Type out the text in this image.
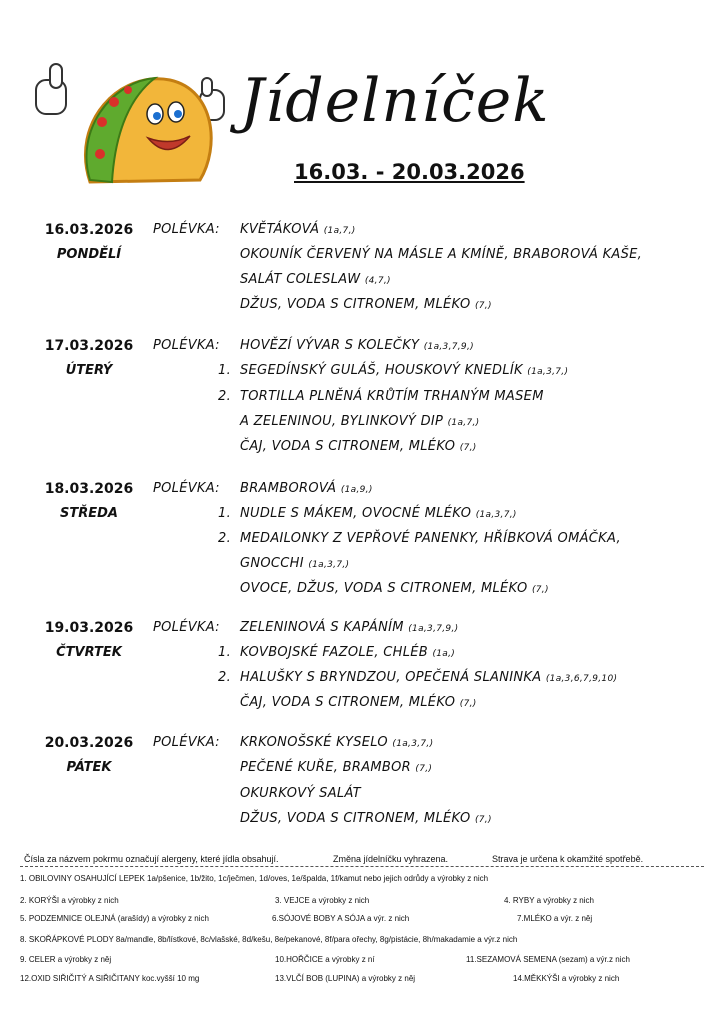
Jídelníček
16.03. - 20.03.2026
16.03.2026
PONDĚLÍ
POLÉVKA: KVĚTÁKOVÁ (1a,7,)
OKOUNÍK ČERVENÝ NA MÁSLE A KMÍNĚ, BRABOROVÁ KAŠE,
SALÁT COLESLAW (4,7,)
DŽUS, VODA S CITRONEM, MLÉKO (7,)
17.03.2026
ÚTERÝ
POLÉVKA: HOVĚZÍ VÝVAR S KOLEČKY (1a,3,7,9,)
1. SEGEDÍNSKÝ GULÁŠ, HOUSKOVÝ KNEDLÍK (1a,3,7,)
2. TORTILLA PLNĚNÁ KRŮTÍM TRHANÝM MASEM
A ZELENINOU, BYLINKOVÝ DIP (1a,7,)
ČAJ, VODA S CITRONEM, MLÉKO (7,)
18.03.2026
STŘEDA
POLÉVKA: BRAMBOROVÁ (1a,9,)
1. NUDLE S MÁKEM, OVOCNÉ MLÉKO (1a,3,7,)
2. MEDAILONKY Z VEPŘOVÉ PANENKY, HŘÍBKOVÁ OMÁČKA,
GNOCCHI (1a,3,7,)
OVOCE, DŽUS, VODA S CITRONEM, MLÉKO (7,)
19.03.2026
ČTVRTEK
POLÉVKA: ZELENINOVÁ S KAPÁNÍM (1a,3,7,9,)
1. KOVBOJSKÉ FAZOLE, CHLÉB (1a,)
2. HALUŠKY S BRYNDZOU, OPEČENÁ SLANINKA (1a,3,6,7,9,10)
ČAJ, VODA S CITRONEM, MLÉKO (7,)
20.03.2026
PÁTEK
POLÉVKA: KRKONOŠSKÉ KYSELO (1a,3,7,)
PEČENÉ KUŘE, BRAMBOR (7,)
OKURKOVÝ SALÁT
DŽUS, VODA S CITRONEM, MLÉKO (7,)
Čísla za názvem pokrmu označují alergeny, které jídla obsahují.	Změna jídelníčku vyhrazena.	Strava je určena k okamžité spotřebě.
1. OBILOVINY OSAHUJÍCÍ LEPEK 1a/pšenice, 1b/žito, 1c/ječmen, 1d/oves, 1e/špalda, 1f/kamut nebo jejich odrůdy a výrobky z nich
2. KORÝŠI a výrobky z nich	3. VEJCE a výrobky z nich	4. RYBY a výrobky z nich
5. PODZEMNICE OLEJNÁ (arašídy) a výrobky z nich	6.SÓJOVÉ BOBY A SÓJA a výr. z nich	7.MLÉKO a výr. z něj
8. SKOŘÁPKOVÉ PLODY 8a/mandle, 8b/lístkové, 8c/vlašské, 8d/kešu, 8e/pekanové, 8f/para ořechy, 8g/pistácie, 8h/makadamie a výr.z nich
9. CELER a výrobky z něj	10.HOŘČICE a výrobky z ní	11.SEZAMOVÁ SEMENA (sezam) a výr.z nich
12.OXID SIŘIČITÝ A SIŘIČITANY koc.vyšší 10 mg	13.VLČÍ BOB (LUPINA) a výrobky z něj	14.MĚKKÝŠI a výrobky z nich
